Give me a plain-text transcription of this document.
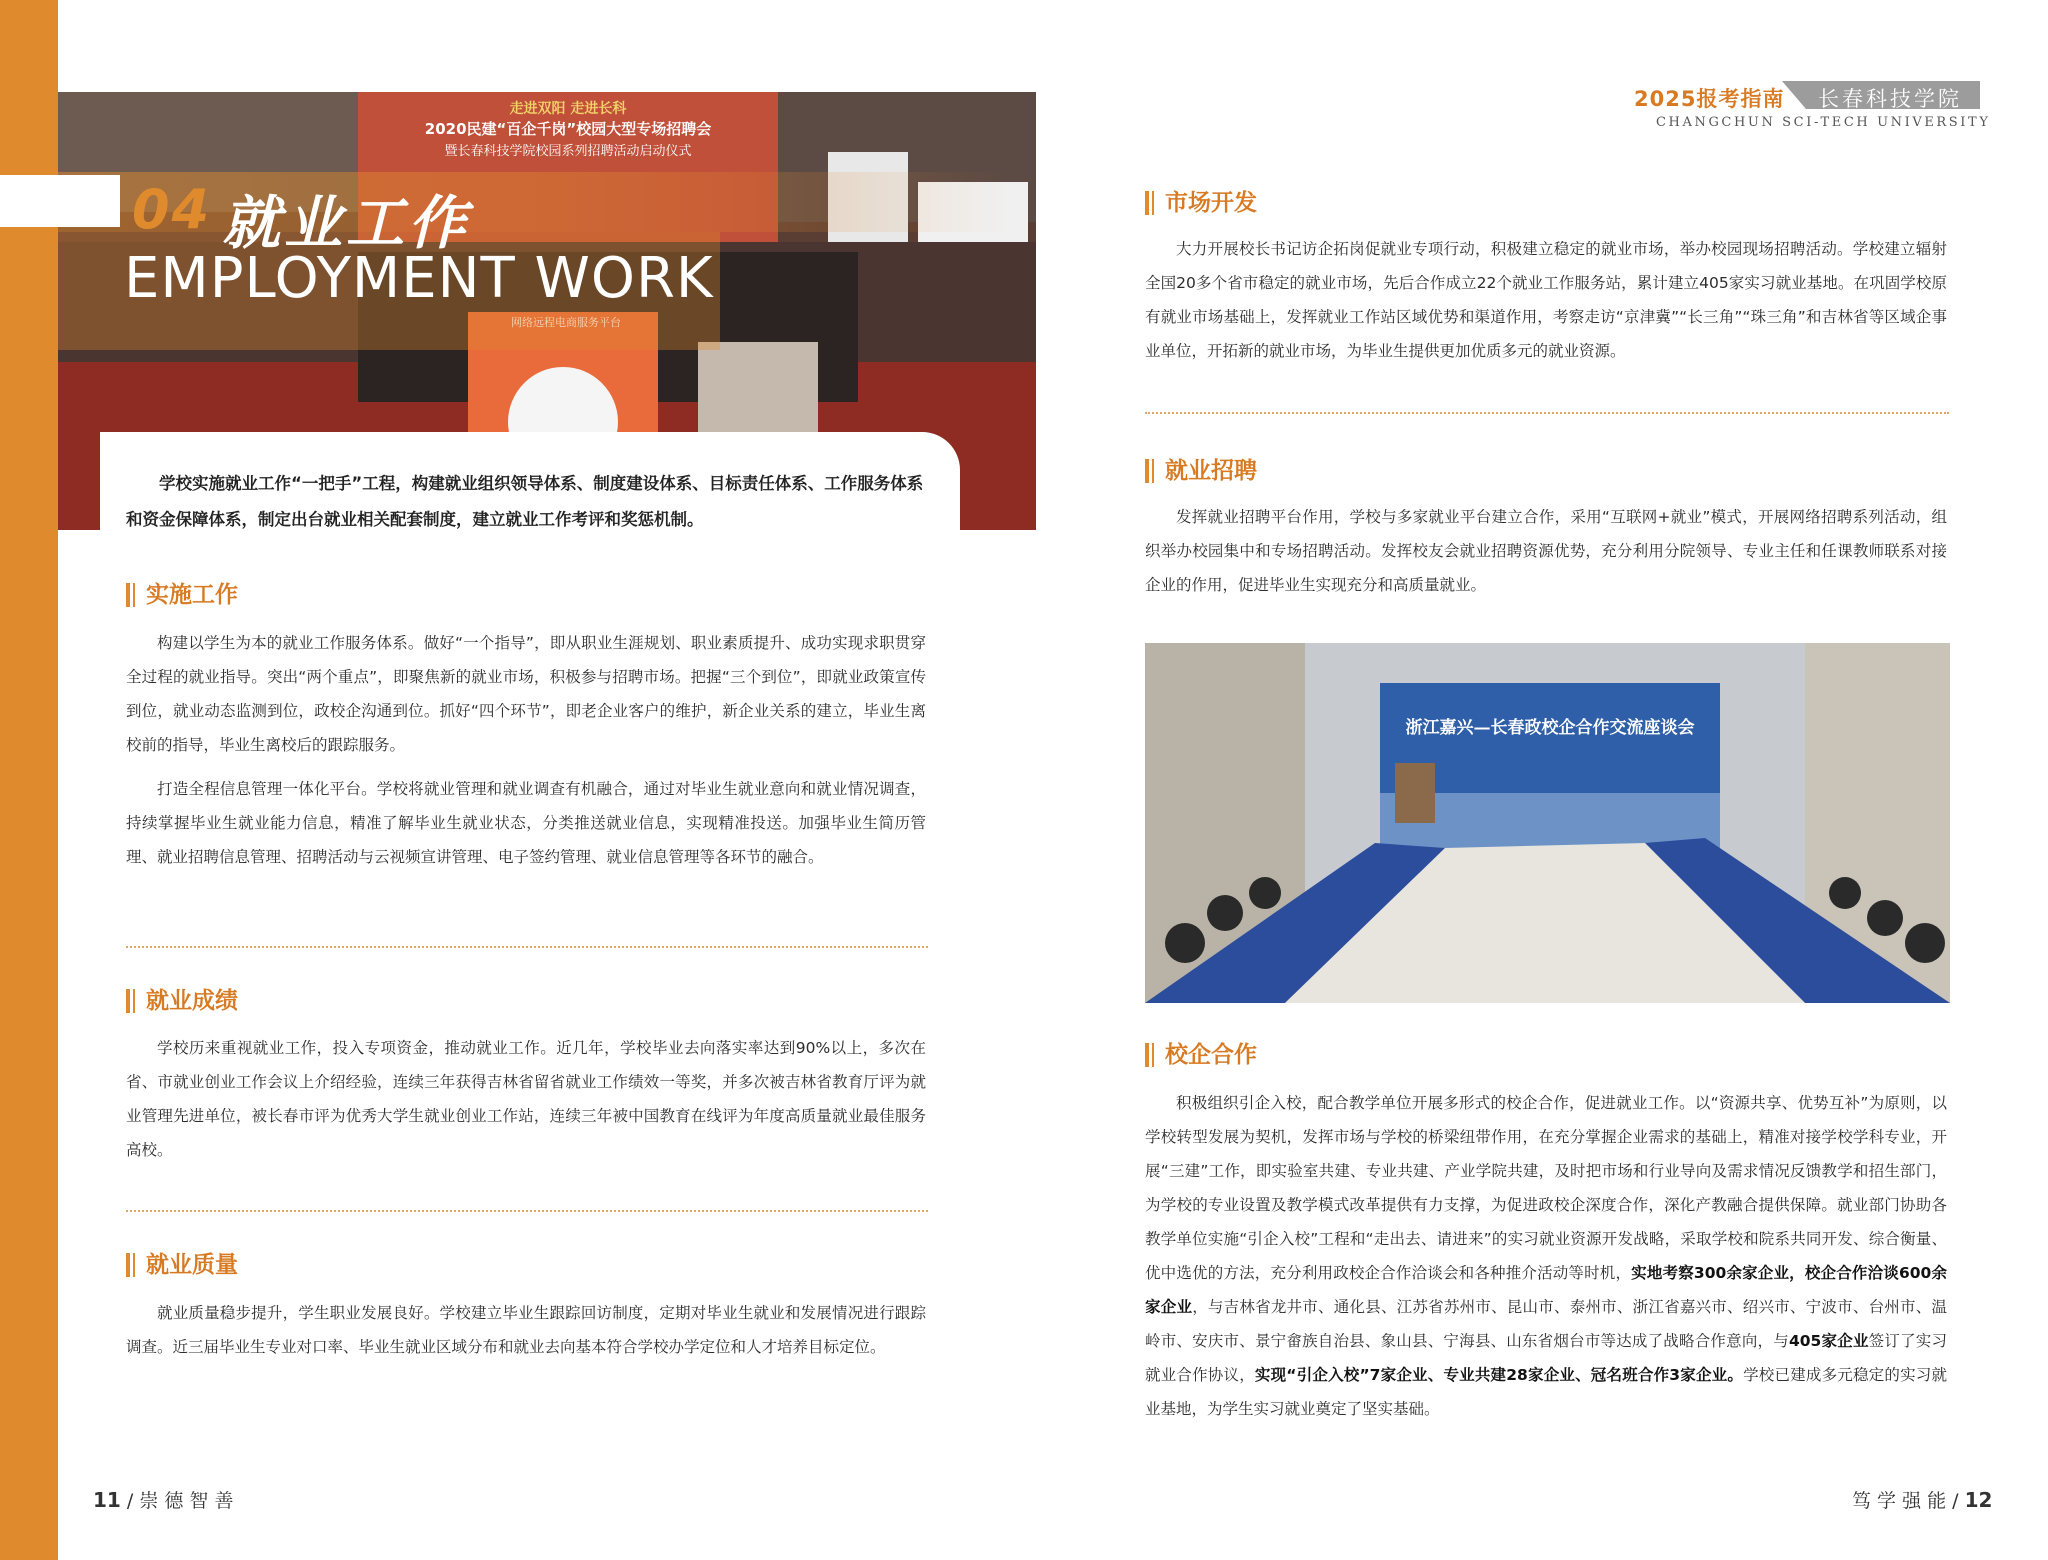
走进双阳 走进长科
2020民建“百企千岗”校园大型专场招聘会
暨长春科技学院校园系列招聘活动启动仪式
网络远程电商服务平台
04 就业工作
EMPLOYMENT WORK
学校实施就业工作“一把手”工程，构建就业组织领导体系、制度建设体系、目标责任体系、工作服务体系和资金保障体系，制定出台就业相关配套制度，建立就业工作考评和奖惩机制。
实施工作
构建以学生为本的就业工作服务体系。做好“一个指导”，即从职业生涯规划、职业素质提升、成功实现求职贯穿全过程的就业指导。突出“两个重点”，即聚焦新的就业市场，积极参与招聘市场。把握“三个到位”，即就业政策宣传到位，就业动态监测到位，政校企沟通到位。抓好“四个环节”，即老企业客户的维护，新企业关系的建立，毕业生离校前的指导，毕业生离校后的跟踪服务。
打造全程信息管理一体化平台。学校将就业管理和就业调查有机融合，通过对毕业生就业意向和就业情况调查，持续掌握毕业生就业能力信息，精准了解毕业生就业状态，分类推送就业信息，实现精准投送。加强毕业生简历管理、就业招聘信息管理、招聘活动与云视频宣讲管理、电子签约管理、就业信息管理等各环节的融合。
就业成绩
学校历来重视就业工作，投入专项资金，推动就业工作。近几年，学校毕业去向落实率达到90%以上，多次在省、市就业创业工作会议上介绍经验，连续三年获得吉林省留省就业工作绩效一等奖，并多次被吉林省教育厅评为就业管理先进单位，被长春市评为优秀大学生就业创业工作站，连续三年被中国教育在线评为年度高质量就业最佳服务高校。
就业质量
就业质量稳步提升，学生职业发展良好。学校建立毕业生跟踪回访制度，定期对毕业生就业和发展情况进行跟踪调查。近三届毕业生专业对口率、毕业生就业区域分布和就业去向基本符合学校办学定位和人才培养目标定位。
2025报考指南 长春科技学院
CHANGCHUN SCI-TECH UNIVERSITY
市场开发
大力开展校长书记访企拓岗促就业专项行动，积极建立稳定的就业市场，举办校园现场招聘活动。学校建立辐射全国20多个省市稳定的就业市场，先后合作成立22个就业工作服务站，累计建立405家实习就业基地。在巩固学校原有就业市场基础上，发挥就业工作站区域优势和渠道作用，考察走访“京津冀”“长三角”“珠三角”和吉林省等区域企事业单位，开拓新的就业市场，为毕业生提供更加优质多元的就业资源。
就业招聘
发挥就业招聘平台作用，学校与多家就业平台建立合作，采用“互联网+就业”模式，开展网络招聘系列活动，组织举办校园集中和专场招聘活动。发挥校友会就业招聘资源优势，充分利用分院领导、专业主任和任课教师联系对接企业的作用，促进毕业生实现充分和高质量就业。
浙江嘉兴—长春政校企合作交流座谈会
校企合作
积极组织引企入校，配合教学单位开展多形式的校企合作，促进就业工作。以“资源共享、优势互补”为原则，以学校转型发展为契机，发挥市场与学校的桥梁纽带作用，在充分掌握企业需求的基础上，精准对接学校学科专业，开展“三建”工作，即实验室共建、专业共建、产业学院共建，及时把市场和行业导向及需求情况反馈教学和招生部门，为学校的专业设置及教学模式改革提供有力支撑，为促进政校企深度合作，深化产教融合提供保障。就业部门协助各教学单位实施“引企入校”工程和“走出去、请进来”的实习就业资源开发战略，采取学校和院系共同开发、综合衡量、优中选优的方法，充分利用政校企合作洽谈会和各种推介活动等时机，实地考察300余家企业，校企合作洽谈600余家企业，与吉林省龙井市、通化县、江苏省苏州市、昆山市、泰州市、浙江省嘉兴市、绍兴市、宁波市、台州市、温岭市、安庆市、景宁畲族自治县、象山县、宁海县、山东省烟台市等达成了战略合作意向，与405家企业签订了实习就业合作协议，实现“引企入校”7家企业、专业共建28家企业、冠名班合作3家企业。学校已建成多元稳定的实习就业基地，为学生实习就业奠定了坚实基础。
11 / 崇 德 智 善	笃 学 强 能 / 12
